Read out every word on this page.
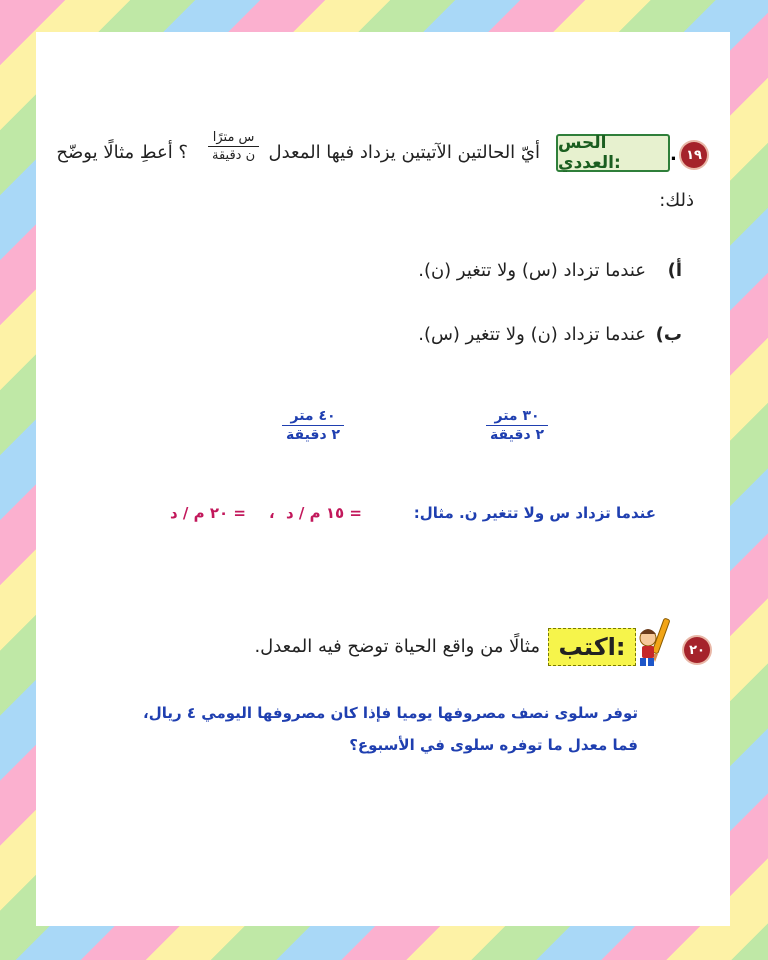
١٩
.
الحس العددي:
أيّ الحالتين الآتيتين يزداد فيها المعدل
س مترًا
ن دقيقة
؟ أعطِ مثالًا يوضّح
ذلك:
أ)
عندما تزداد (س) ولا تتغير (ن).
ب)
عندما تزداد (ن) ولا تتغير (س).
٣٠ متر
٢ دقيقة
٤٠ متر
٢ دقيقة
عندما تزداد س ولا تتغير ن. مثال:
= ١٥ م / د
،
= ٢٠ م / د
٢٠
اكتب:
مثالًا من واقع الحياة توضح فيه المعدل.
توفر سلوى نصف مصروفها يوميا فإذا كان مصروفها اليومي ٤ ريال،
فما معدل ما توفره سلوى في الأسبوع؟
